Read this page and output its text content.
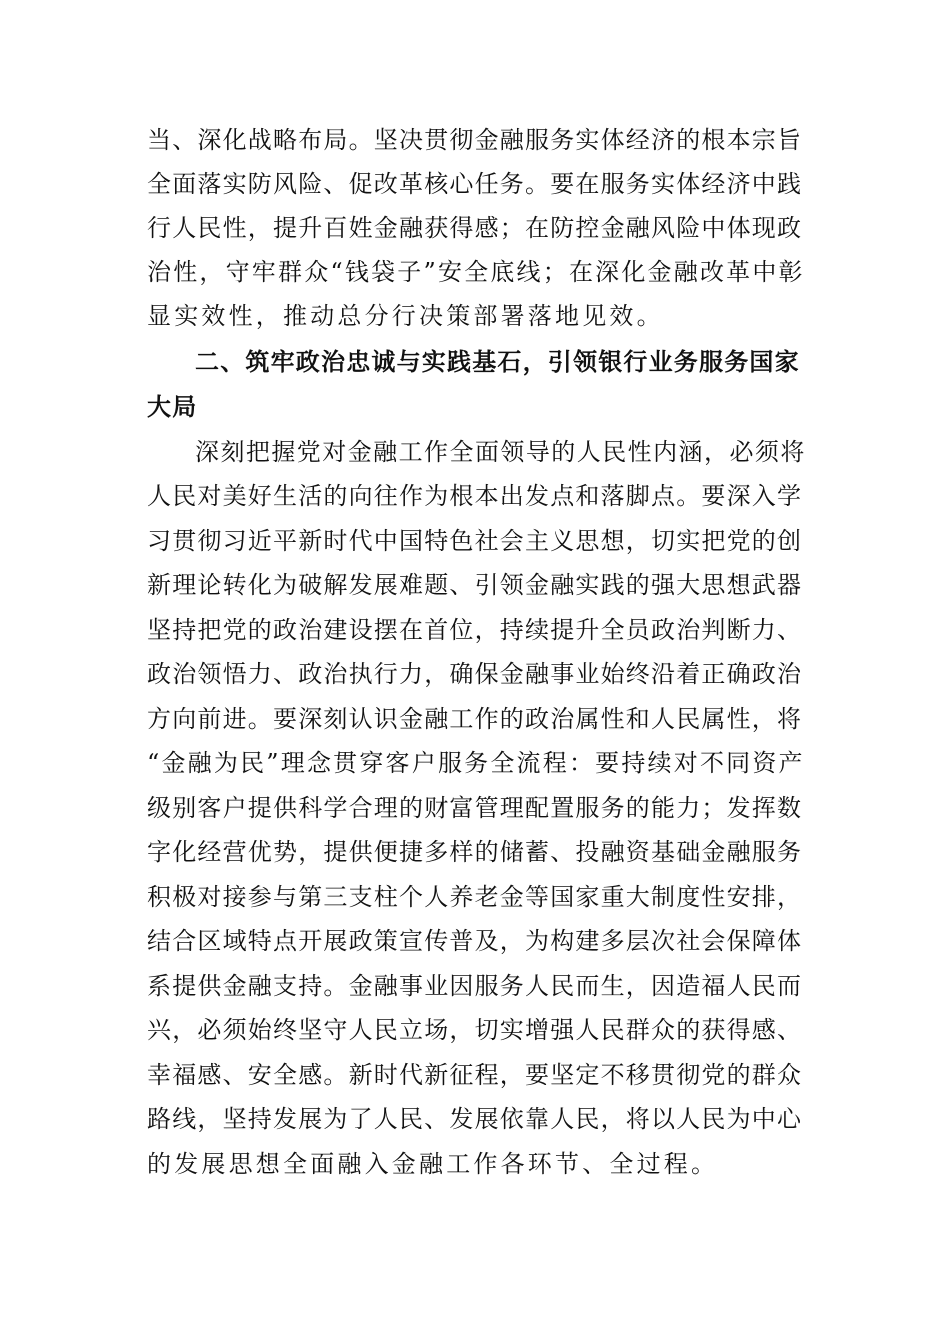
当、深化战略布局。坚决贯彻金融服务实体经济的根本宗旨
全面落实防风险、促改革核心任务。要在服务实体经济中践
行人民性，提升百姓金融获得感；在防控金融风险中体现政
治性，守牢群众“钱袋子”安全底线；在深化金融改革中彰
显实效性，推动总分行决策部署落地见效。
二、筑牢政治忠诚与实践基石，引领银行业务服务国家
大局
深刻把握党对金融工作全面领导的人民性内涵，必须将
人民对美好生活的向往作为根本出发点和落脚点。要深入学
习贯彻习近平新时代中国特色社会主义思想，切实把党的创
新理论转化为破解发展难题、引领金融实践的强大思想武器
坚持把党的政治建设摆在首位，持续提升全员政治判断力、
政治领悟力、政治执行力，确保金融事业始终沿着正确政治
方向前进。要深刻认识金融工作的政治属性和人民属性，将
“金融为民”理念贯穿客户服务全流程：要持续对不同资产
级别客户提供科学合理的财富管理配置服务的能力；发挥数
字化经营优势，提供便捷多样的储蓄、投融资基础金融服务
积极对接参与第三支柱个人养老金等国家重大制度性安排，
结合区域特点开展政策宣传普及，为构建多层次社会保障体
系提供金融支持。金融事业因服务人民而生，因造福人民而
兴，必须始终坚守人民立场，切实增强人民群众的获得感、
幸福感、安全感。新时代新征程，要坚定不移贯彻党的群众
路线，坚持发展为了人民、发展依靠人民，将以人民为中心
的发展思想全面融入金融工作各环节、全过程。
